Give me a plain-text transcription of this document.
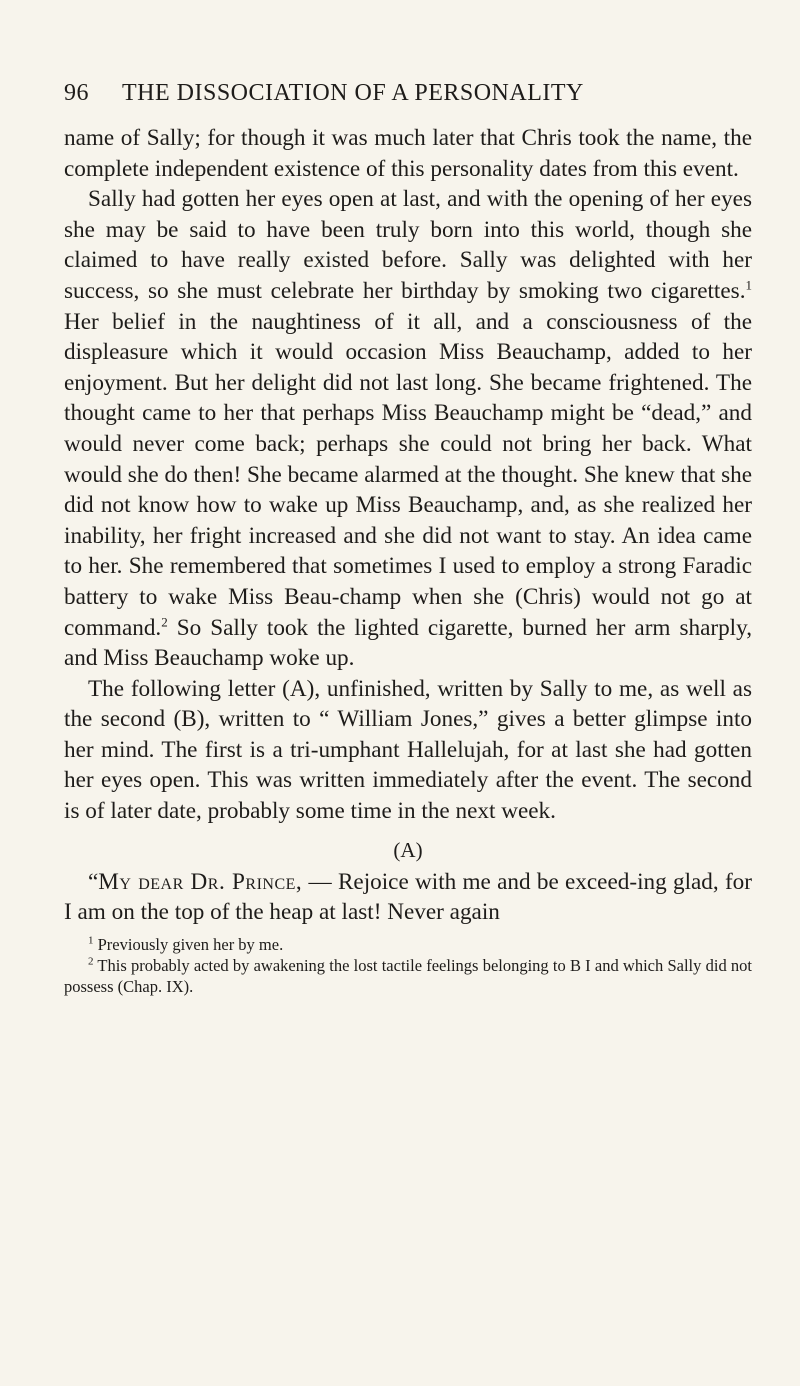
96	THE DISSOCIATION OF A PERSONALITY

name of Sally; for though it was much later that Chris took the name, the complete independent existence of this personality dates from this event.

Sally had gotten her eyes open at last, and with the opening of her eyes she may be said to have been truly born into this world, though she claimed to have really existed before. Sally was delighted with her success, so she must celebrate her birthday by smoking two cigarettes.$^1$ Her belief in the naughtiness of it all, and a consciousness of the displeasure which it would occasion Miss Beauchamp, added to her enjoyment. But her delight did not last long. She became frightened. The thought came to her that perhaps Miss Beauchamp might be “dead,” and would never come back; perhaps she could not bring her back. What would she do then! She became alarmed at the thought. She knew that she did not know how to wake up Miss Beauchamp, and, as she realized her inability, her fright increased and she did not want to stay. An idea came to her. She remembered that sometimes I used to employ a strong Faradic battery to wake Miss Beau-champ when she (Chris) would not go at command.$^2$ So Sally took the lighted cigarette, burned her arm sharply, and Miss Beauchamp woke up.

The following letter (A), unfinished, written by Sally to me, as well as the second (B), written to “ William Jones,” gives a better glimpse into her mind. The first is a tri-umphant Hallelujah, for at last she had gotten her eyes open. This was written immediately after the event. The second is of later date, probably some time in the next week.

(A)

“My dear Dr. Prince, — Rejoice with me and be exceed-ing glad, for I am on the top of the heap at last! Never again

$^1$ Previously given her by me.

$^2$ This probably acted by awakening the lost tactile feelings belonging to B I and which Sally did not possess (Chap. IX).
